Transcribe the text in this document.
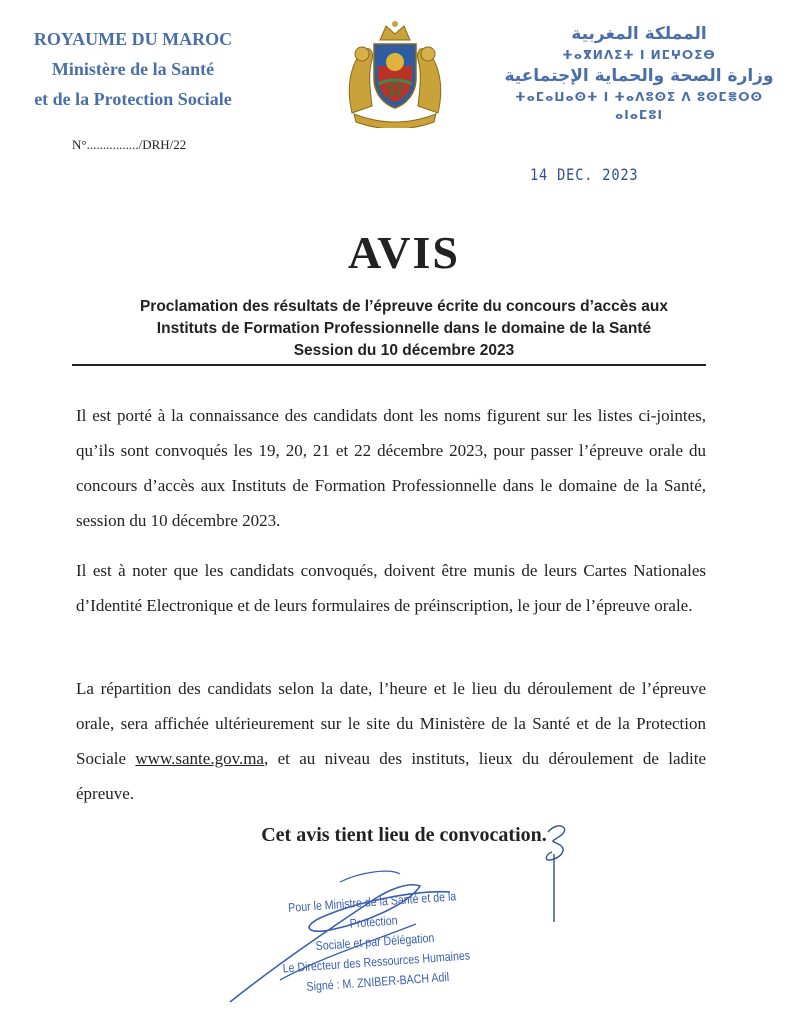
ROYAUME DU MAROC
Ministère de la Santé
et de la Protection Sociale
المملكة المغربية
ⵜⴰⴳⵍⴷⵉⵜ ⵏ ⵍⵎⵖⵔⵉⴱ
وزارة الصحة والحماية الإجتماعية
ⵜⴰⵎⴰⵡⴰⵙⵜ ⵏ ⵜⴰⴷⵓⵙⵉ ⴷ ⵓⵙⵎⴻⵔⵙ ⴰⵏⴰⵎⵓⵏ
N°................/DRH/22
14 DEC. 2023
AVIS
Proclamation des résultats de l’épreuve écrite du concours d’accès aux
Instituts de Formation Professionnelle dans le domaine de la Santé
Session du 10 décembre 2023
Il est porté à la connaissance des candidats dont les noms figurent sur les listes ci-jointes, qu’ils sont convoqués les 19, 20, 21 et 22 décembre 2023, pour passer l’épreuve orale du concours d’accès aux Instituts de Formation Professionnelle dans le domaine de la Santé, session du 10 décembre 2023.
Il est à noter que les candidats convoqués, doivent être munis de leurs Cartes Nationales d’Identité Electronique et de leurs formulaires de préinscription, le jour de l’épreuve orale.
La répartition des candidats selon la date, l’heure et le lieu du déroulement de l’épreuve orale, sera affichée ultérieurement sur le site du Ministère de la Santé et de la Protection Sociale www.sante.gov.ma, et au niveau des instituts, lieux du déroulement de ladite épreuve.
Cet avis tient lieu de convocation.
Pour le Ministre de la Santé et de la Protection
Sociale et par Délégation
Le Directeur des Ressources Humaines
Signé : M. ZNIBER-BACH Adil
